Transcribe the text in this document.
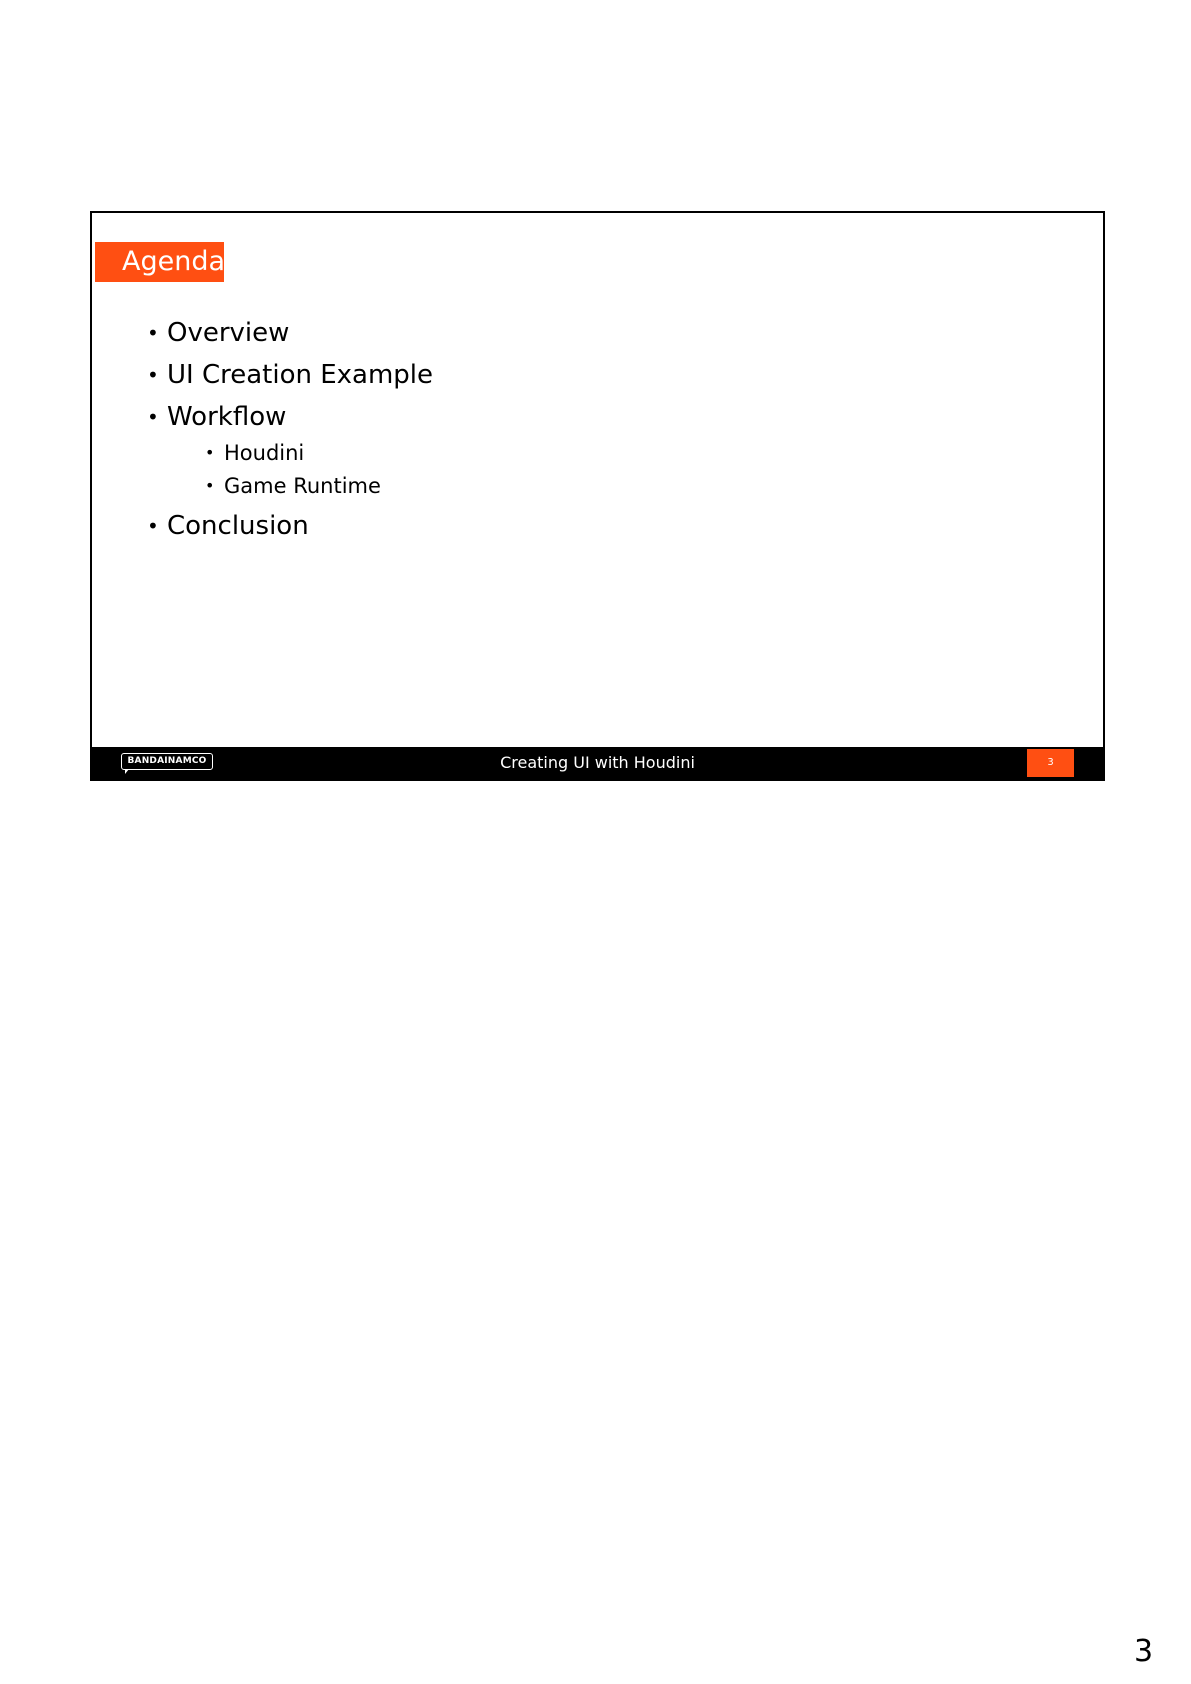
Agenda
• Overview
• UI Creation Example
• Workflow
• Houdini
• Game Runtime
• Conclusion
BANDAINAMCO	Creating UI with Houdini	3
3
